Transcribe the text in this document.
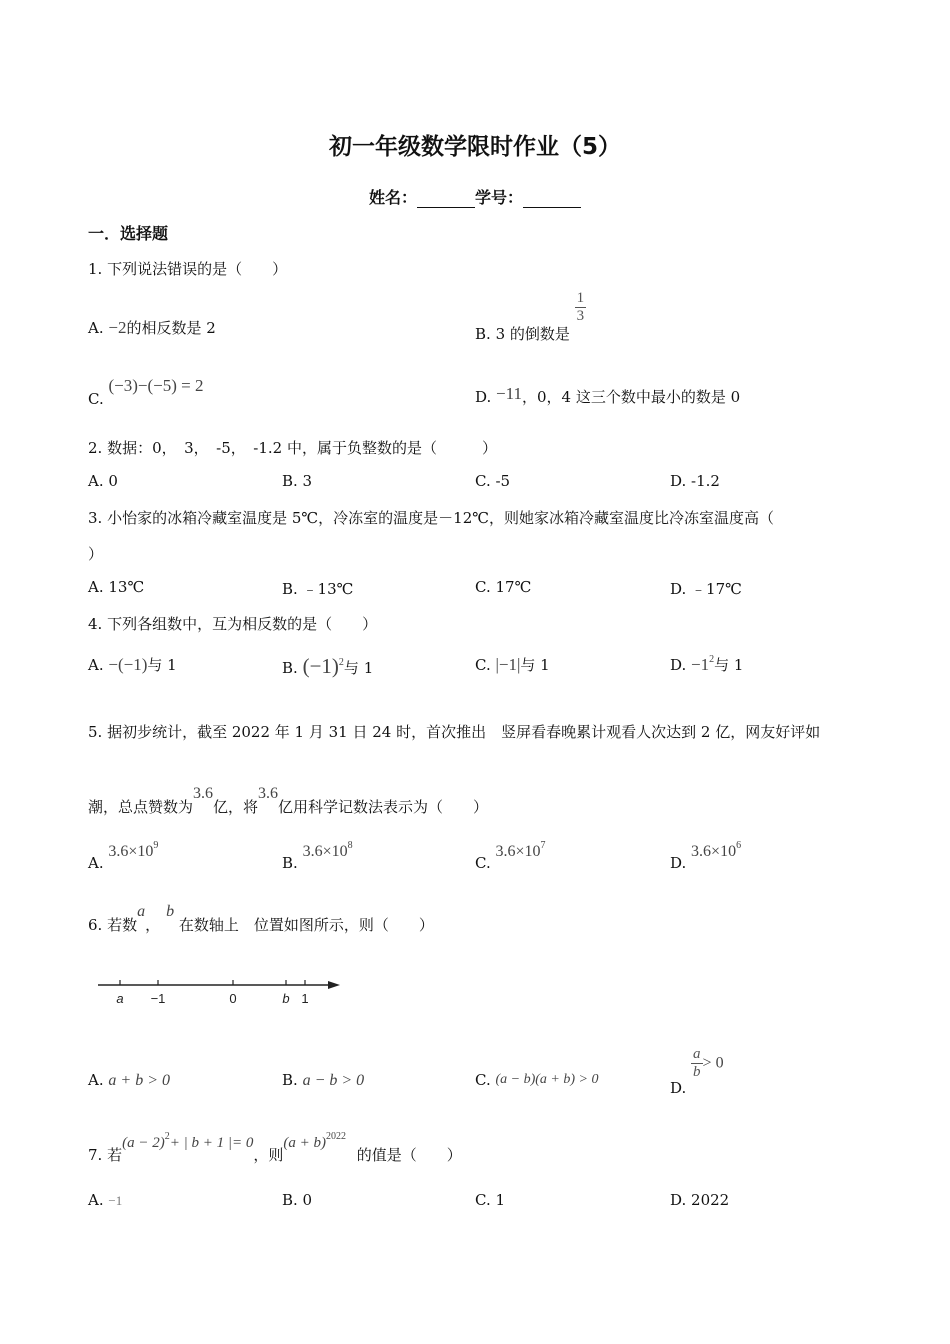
初一年级数学限时作业（5）
姓名：	学号：
一．选择题
1. 下列说法错误的是（　　）
A. −2的相反数是 2	B. 3 的倒数是
$\frac{1}{3}$
C. (−3)−(−5) = 2
D. −11，0，4 这三个数中最小的数是 0
2. 数据：0，　3，　-5，　-1.2 中，属于负整数的是（　　　）
A. 0	B. 3	C. -5	D. -1.2
3. 小怡家的冰箱冷藏室温度是 5℃，冷冻室的温度是－12℃，则她家冰箱冷藏室温度比冷冻室温度高（
）
A. 13℃	B. ﹣13℃	C. 17℃	D. ﹣17℃
4. 下列各组数中，互为相反数的是（　　）
A. −(−1)与 1	B. $(-1)^2$与 1	C. |−1|与 1	D. $-1^2$与 1
5. 据初步统计，截至 2022 年 1 月 31 日 24 时，首次推出　竖屏看春晚累计观看人次达到 2 亿，网友好评如
潮，总点赞数为3.6亿，将3.6亿用科学记数法表示为（　　）
A. $3.6\times 10^9$
B. $3.6\times 10^8$
C. $3.6\times 10^7$
D. $3.6\times 10^6$
6. 若数a，b 在数轴上　位置如图所示，则（　　）
a −1	0	b 1
A. a + b > 0	B. a − b > 0	C. (a − b)(a + b) > 0	D.
$\frac{a}{b} > 0$
7. 若$(a - 2)^2+$ | b + 1 |= 0，则$(a + b)^{2022}$ 的值是（　　）
A. −1	B. 0	C. 1	D. 2022
